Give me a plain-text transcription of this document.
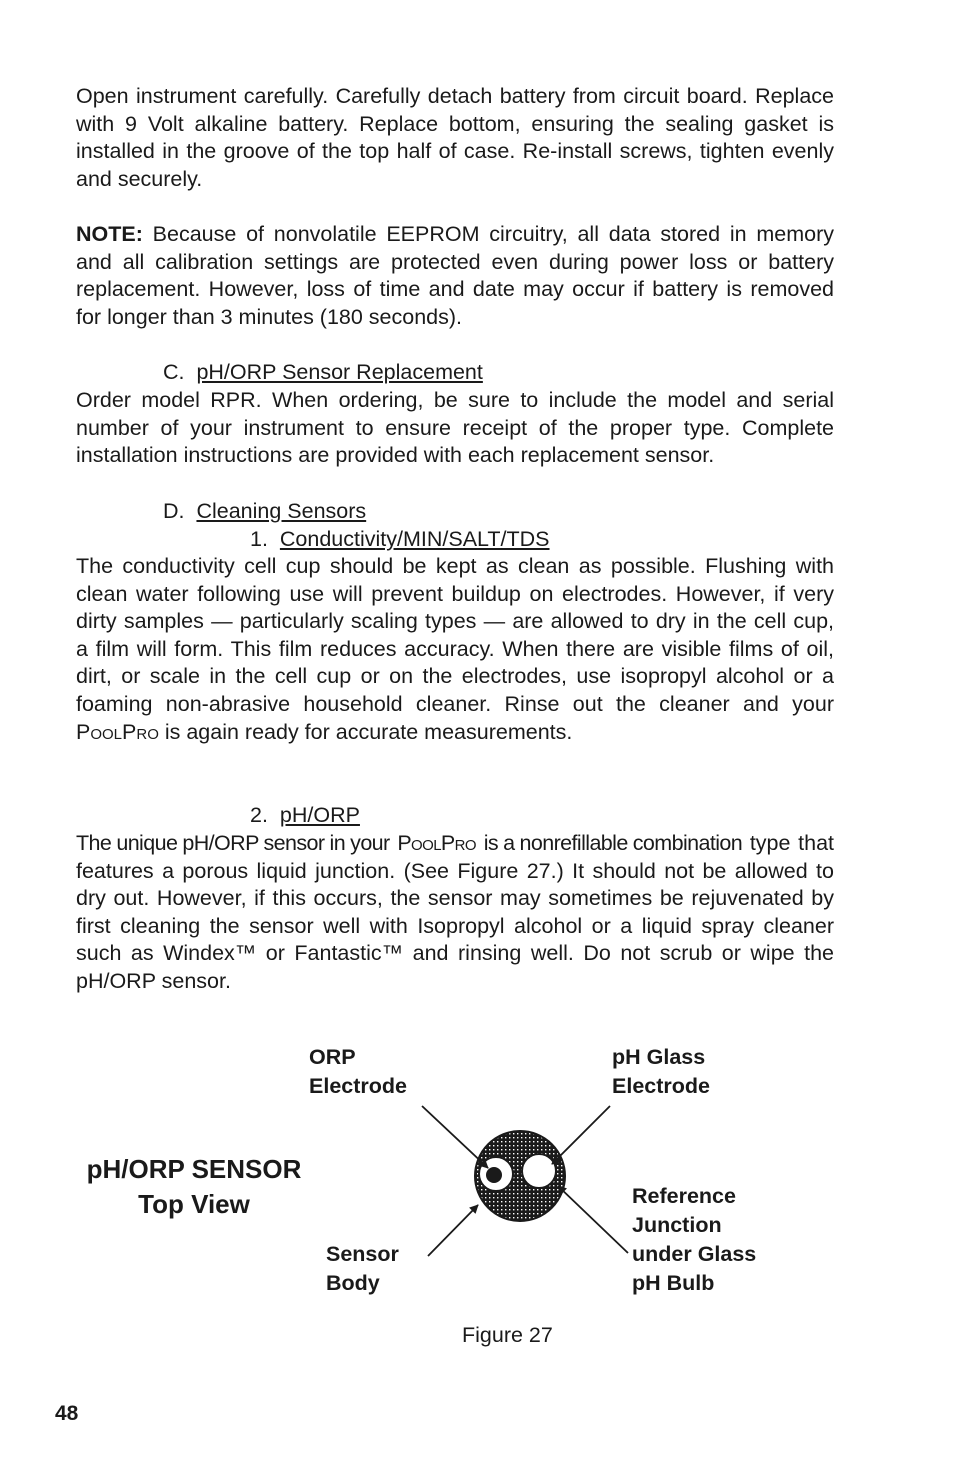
Open instrument carefully. Carefully detach battery from circuit board. Replace with 9 Volt alkaline battery. Replace bottom, ensuring the sealing gasket is installed in the groove of the top half of case. Re-install screws, tighten evenly and securely.

NOTE: Because of nonvolatile EEPROM circuitry, all data stored in memory and all calibration settings are protected even during power loss or battery replacement. However, loss of time and date may occur if battery is removed for longer than 3 minutes (180 seconds).

C. pH/ORP Sensor Replacement

Order model RPR. When ordering, be sure to include the model and serial number of your instrument to ensure receipt of the proper type. Complete installation instructions are provided with each replacement sensor.

D. Cleaning Sensors

1. Conductivity/MIN/SALT/TDS

The conductivity cell cup should be kept as clean as possible. Flushing with clean water following use will prevent buildup on electrodes. However, if very dirty samples — particularly scaling types — are allowed to dry in the cell cup, a film will form. This film reduces accuracy. When there are visible films of oil, dirt, or scale in the cell cup or on the electrodes, use isopropyl alcohol or a foaming non-abrasive household cleaner. Rinse out the cleaner and your PoolPro is again ready for accurate measurements.

2. pH/ORP

The unique pH/ORP sensor in your PoolPro is a nonrefillable combination type that features a porous liquid junction. (See Figure 27.) It should not be allowed to dry out. However, if this occurs, the sensor may sometimes be rejuvenated by first cleaning the sensor well with Isopropyl alcohol or a liquid spray cleaner such as Windex™ or Fantastic™ and rinsing well. Do not scrub or wipe the pH/ORP sensor.

pH/ORP SENSOR
Top View
ORP
Electrode
pH Glass
Electrode
Sensor
Body
Reference
Junction
under Glass
pH Bulb
Figure 27
48
